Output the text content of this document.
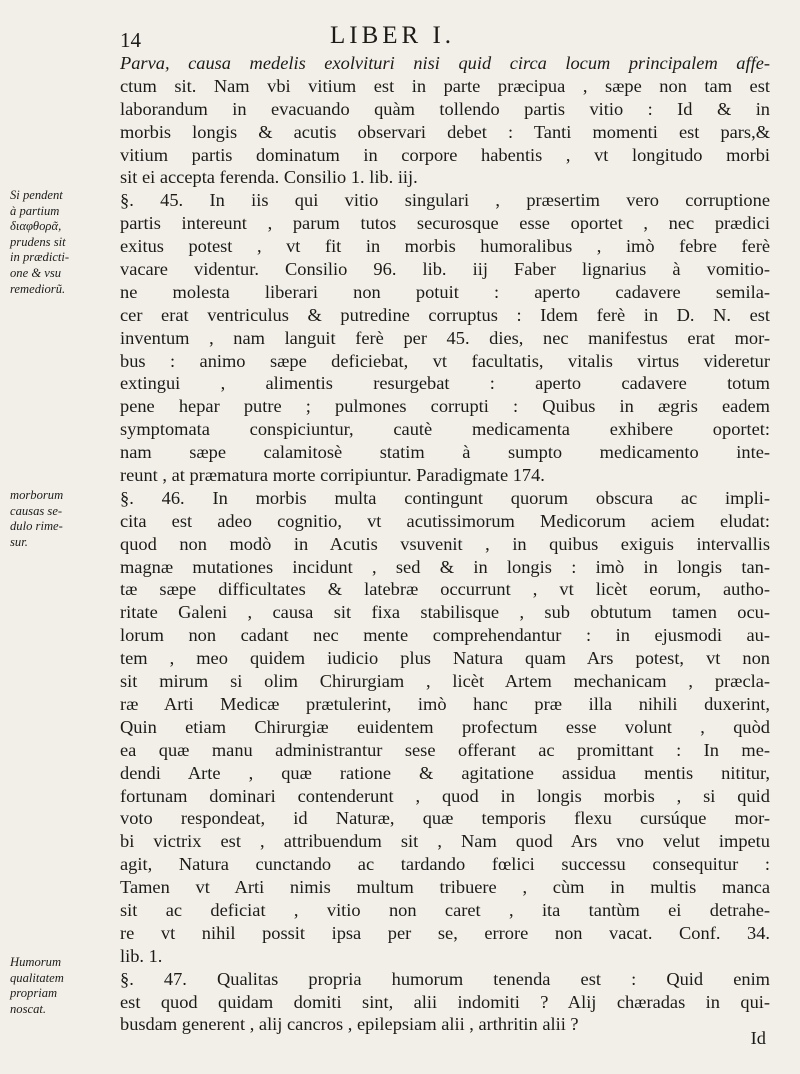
14	LIBER I.
Si pendent
à partium
διαφθορᾶ,
prudens sit
in prædicti-
one & vsu
remediorũ.
morborum
causas se-
dulo rime-
sur.
Humorum
qualitatem
propriam
noscat.
Parva, causa medelis exolvituri nisi quid circa locum principalem affe-
ctum sit. Nam vbi vitium est in parte præcipua , sæpe non tam est
laborandum in evacuando quàm tollendo partis vitio : Id & in
morbis longis & acutis observari debet : Tanti momenti est pars,&
vitium partis dominatum in corpore habentis , vt longitudo morbi
sit ei accepta ferenda. Consilio 1. lib. iij.
§. 45. In iis qui vitio singulari , præsertim vero corruptione
partis intereunt , parum tutos securosque esse oportet , nec prædici
exitus potest , vt fit in morbis humoralibus , imò febre ferè
vacare videntur. Consilio 96. lib. iij Faber lignarius à vomitio-
ne molesta liberari non potuit : aperto cadavere semila-
cer erat ventriculus & putredine corruptus : Idem ferè in D. N. est
inventum , nam languit ferè per 45. dies, nec manifestus erat mor-
bus : animo sæpe deficiebat, vt facultatis, vitalis virtus videretur
extingui , alimentis resurgebat : aperto cadavere totum
pene hepar putre ; pulmones corrupti : Quibus in ægris eadem
symptomata conspiciuntur, cautè medicamenta exhibere oportet:
nam sæpe calamitosè statim à sumpto medicamento inte-
reunt , at præmatura morte corripiuntur. Paradigmate 174.
§. 46. In morbis multa contingunt quorum obscura ac impli-
cita est adeo cognitio, vt acutissimorum Medicorum aciem eludat:
quod non modò in Acutis vsuvenit , in quibus exiguis intervallis
magnæ mutationes incidunt , sed & in longis : imò in longis tan-
tæ sæpe difficultates & latebræ occurrunt , vt licèt eorum, autho-
ritate Galeni , causa sit fixa stabilisque , sub obtutum tamen ocu-
lorum non cadant nec mente comprehendantur : in ejusmodi au-
tem , meo quidem iudicio plus Natura quam Ars potest, vt non
sit mirum si olim Chirurgiam , licèt Artem mechanicam , præcla-
ræ Arti Medicæ prætulerint, imò hanc præ illa nihili duxerint,
Quin etiam Chirurgiæ euidentem profectum esse volunt , quòd
ea quæ manu administrantur sese offerant ac promittant : In me-
dendi Arte , quæ ratione & agitatione assidua mentis nititur,
fortunam dominari contenderunt , quod in longis morbis , si quid
voto respondeat, id Naturæ, quæ temporis flexu cursúque mor-
bi victrix est , attribuendum sit , Nam quod Ars vno velut impetu
agit, Natura cunctando ac tardando fœlici successu consequitur :
Tamen vt Arti nimis multum tribuere , cùm in multis manca
sit ac deficiat , vitio non caret , ita tantùm ei detrahe-
re vt nihil possit ipsa per se, errore non vacat. Conf. 34.
lib. 1.
§. 47. Qualitas propria humorum tenenda est : Quid enim
est quod quidam domiti sint, alii indomiti ? Alij chæradas in qui-
busdam generent , alij cancros , epilepsiam alii , arthritin alii ?
Id
